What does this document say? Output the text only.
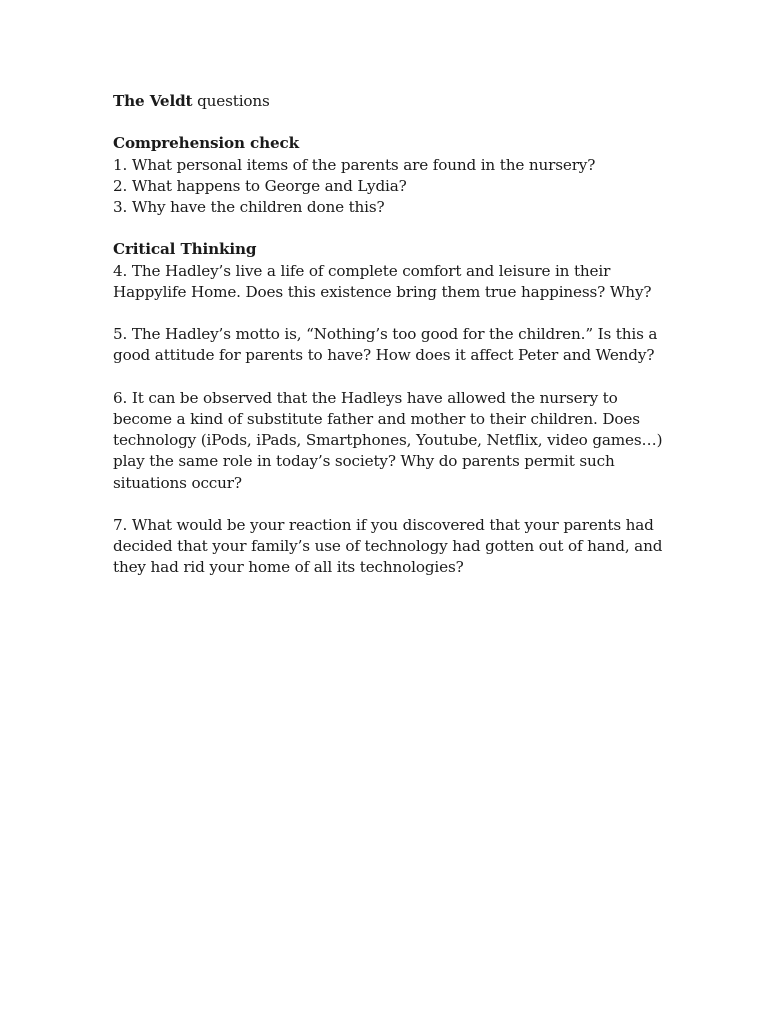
The Veldt questions

Comprehension check

1. What personal items of the parents are found in the nursery?

2. What happens to George and Lydia?

3. Why have the children done this?

Critical Thinking

4. The Hadley’s live a life of complete comfort and leisure in their

Happylife Home. Does this existence bring them true happiness? Why?

5. The Hadley’s motto is, “Nothing’s too good for the children.” Is this a

good attitude for parents to have? How does it affect Peter and Wendy?

6. It can be observed that the Hadleys have allowed the nursery to

become a kind of substitute father and mother to their children. Does

technology (iPods, iPads, Smartphones, Youtube, Netflix, video games…)

play the same role in today’s society? Why do parents permit such

situations occur?

7. What would be your reaction if you discovered that your parents had

decided that your family’s use of technology had gotten out of hand, and

they had rid your home of all its technologies?
